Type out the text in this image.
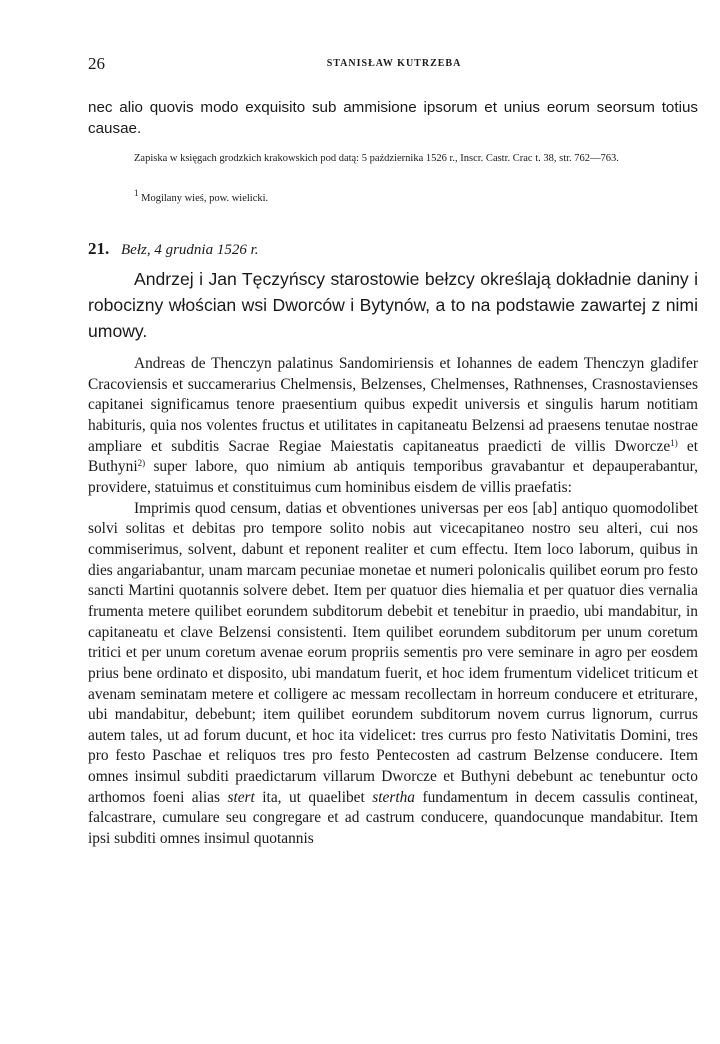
26	STANISŁAW KUTRZEBA

nec alio quovis modo exquisito sub ammisione ipsorum et unius eorum seorsum totius causae.

Zapiska w księgach grodzkich krakowskich pod datą: 5 października 1526 r., Inscr. Castr. Crac t. 38, str. 762—763.
$^1$ Mogilany wieś, pow. wielicki.
21. Bełz, 4 grudnia 1526 r.

Andrzej i Jan Tęczyńscy starostowie bełzcy określają dokładnie daniny i robocizny włościan wsi Dworców i Bytynów, a to na podstawie zawartej z nimi umowy.

Andreas de Thenczyn palatinus Sandomiriensis et Iohannes de eadem Thenczyn gladifer Cracoviensis et succamerarius Chelmensis, Belzenses, Chelmenses, Rathnenses, Crasnostavienses capitanei significamus tenore praesentium quibus expedit universis et singulis harum notitiam habituris, quia nos volentes fructus et utilitates in capitaneatu Belzensi ad praesens tenutae nostrae ampliare et subditis Sacrae Regiae Maiestatis capitaneatus praedicti de villis Dworcze$^{1)}$ et Buthyni$^{2)}$ super labore, quo nimium ab antiquis temporibus gravabantur et depauperabantur, providere, statuimus et constituimus cum hominibus eisdem de villis praefatis:

Imprimis quod censum, datias et obventiones universas per eos [ab] antiquo quomodolibet solvi solitas et debitas pro tempore solito nobis aut vicecapitaneo nostro seu alteri, cui nos commiserimus, solvent, dabunt et reponent realiter et cum effectu. Item loco laborum, quibus in dies angariabantur, unam marcam pecuniae monetae et numeri polonicalis quilibet eorum pro festo sancti Martini quotannis solvere debet. Item per quatuor dies hiemalia et per quatuor dies vernalia frumenta metere quilibet eorundem subditorum debebit et tenebitur in praedio, ubi mandabitur, in capitaneatu et clave Belzensi consistenti. Item quilibet eorundem subditorum per unum coretum tritici et per unum coretum avenae eorum propriis sementis pro vere seminare in agro per eosdem prius bene ordinato et disposito, ubi mandatum fuerit, et hoc idem frumentum videlicet triticum et avenam seminatam metere et colligere ac messam recollectam in horreum conducere et etriturare, ubi mandabitur, debebunt; item quilibet eorundem subditorum novem currus lignorum, currus autem tales, ut ad forum ducunt, et hoc ita videlicet: tres currus pro festo Nativitatis Domini, tres pro festo Paschae et reliquos tres pro festo Pentecosten ad castrum Belzense conducere. Item omnes insimul subditi praedictarum villarum Dworcze et Buthyni debebunt ac tenebuntur octo arthomos foeni alias stert ita, ut quaelibet stertha fundamentum in decem cassulis contineat, falcastrare, cumulare seu congregare et ad castrum conducere, quandocunque mandabitur. Item ipsi subditi omnes insimul quotannis
